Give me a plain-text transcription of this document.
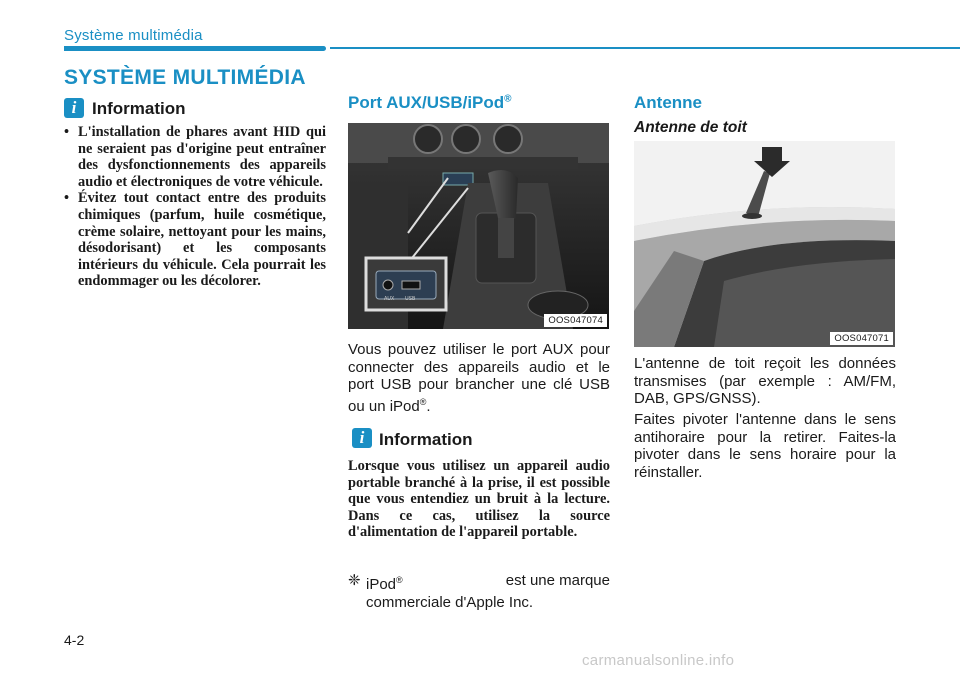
Système multimédia
SYSTÈME MULTIMÉDIA
i Information
• L'installation de phares avant HID qui ne seraient pas d'origine peut entraîner des dysfonctionnements des appareils audio et électroniques de votre véhicule.
• Évitez tout contact entre des produits chimiques (parfum, huile cosmétique, crème solaire, nettoyant pour les mains, désodorisant) et les composants intérieurs du véhicule. Cela pourrait les endommager ou les décolorer.
Port AUX/USB/iPod®
AUX USB
OOS047074
Vous pouvez utiliser le port AUX pour connecter des appareils audio et le port USB pour brancher une clé USB ou un iPod®.
i Information
Lorsque vous utilisez un appareil audio portable branché à la prise, il est possible que vous entendiez un bruit à la lecture. Dans ce cas, utilisez la source d'alimentation de l'appareil portable.
❈ iPod®	est une marque
commerciale d'Apple Inc.
Antenne
Antenne de toit
OOS047071
L'antenne de toit reçoit les données transmises (par exemple : AM/FM, DAB, GPS/GNSS).
Faites pivoter l'antenne dans le sens antihoraire pour la retirer. Faites-la pivoter dans le sens horaire pour la réinstaller.
4-2
carmanualsonline.info
